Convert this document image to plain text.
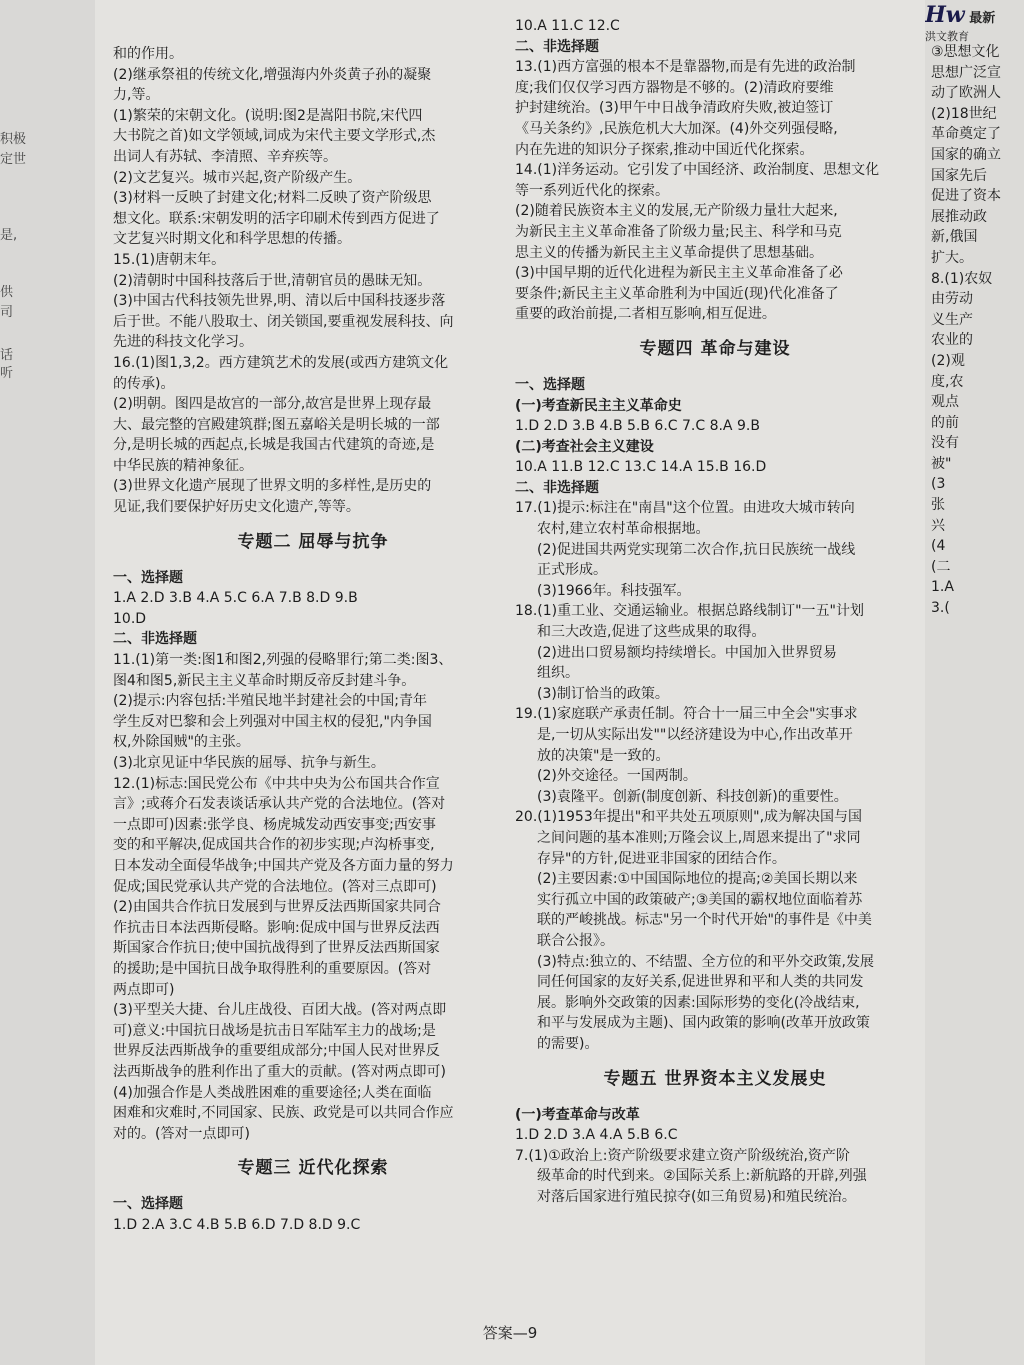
积极
定世
是,
供
司
话
听
和的作用。
(2)继承祭祖的传统文化,增强海内外炎黄子孙的凝聚
力,等。
(1)繁荣的宋朝文化。(说明:图2是嵩阳书院,宋代四
大书院之首)如文学领域,词成为宋代主要文学形式,杰
出词人有苏轼、李清照、辛弃疾等。
(2)文艺复兴。城市兴起,资产阶级产生。
(3)材料一反映了封建文化;材料二反映了资产阶级思
想文化。联系:宋朝发明的活字印刷术传到西方促进了
文艺复兴时期文化和科学思想的传播。
15.(1)唐朝末年。
(2)清朝时中国科技落后于世,清朝官员的愚昧无知。
(3)中国古代科技领先世界,明、清以后中国科技逐步落
后于世。不能八股取士、闭关锁国,要重视发展科技、向
先进的科技文化学习。
16.(1)图1,3,2。西方建筑艺术的发展(或西方建筑文化
的传承)。
(2)明朝。图四是故宫的一部分,故宫是世界上现存最
大、最完整的宫殿建筑群;图五嘉峪关是明长城的一部
分,是明长城的西起点,长城是我国古代建筑的奇迹,是
中华民族的精神象征。
(3)世界文化遗产展现了世界文明的多样性,是历史的
见证,我们要保护好历史文化遗产,等等。
专题二 屈辱与抗争
一、选择题
1.A 2.D 3.B 4.A 5.C 6.A 7.B 8.D 9.B
10.D
二、非选择题
11.(1)第一类:图1和图2,列强的侵略罪行;第二类:图3、
图4和图5,新民主主义革命时期反帝反封建斗争。
(2)提示:内容包括:半殖民地半封建社会的中国;青年
学生反对巴黎和会上列强对中国主权的侵犯,"内争国
权,外除国贼"的主张。
(3)北京见证中华民族的屈辱、抗争与新生。
12.(1)标志:国民党公布《中共中央为公布国共合作宣
言》;或蒋介石发表谈话承认共产党的合法地位。(答对
一点即可)因素:张学良、杨虎城发动西安事变;西安事
变的和平解决,促成国共合作的初步实现;卢沟桥事变,
日本发动全面侵华战争;中国共产党及各方面力量的努力
促成;国民党承认共产党的合法地位。(答对三点即可)
(2)由国共合作抗日发展到与世界反法西斯国家共同合
作抗击日本法西斯侵略。影响:促成中国与世界反法西
斯国家合作抗日;使中国抗战得到了世界反法西斯国家
的援助;是中国抗日战争取得胜利的重要原因。(答对
两点即可)
(3)平型关大捷、台儿庄战役、百团大战。(答对两点即
可)意义:中国抗日战场是抗击日军陆军主力的战场;是
世界反法西斯战争的重要组成部分;中国人民对世界反
法西斯战争的胜利作出了重大的贡献。(答对两点即可)
(4)加强合作是人类战胜困难的重要途径;人类在面临
困难和灾难时,不同国家、民族、政党是可以共同合作应
对的。(答对一点即可)
专题三 近代化探索
一、选择题
1.D 2.A 3.C 4.B 5.B 6.D 7.D 8.D 9.C
10.A 11.C 12.C
二、非选择题
13.(1)西方富强的根本不是靠器物,而是有先进的政治制
度;我们仅仅学习西方器物是不够的。(2)清政府要维
护封建统治。(3)甲午中日战争清政府失败,被迫签订
《马关条约》,民族危机大大加深。(4)外交列强侵略,
内在先进的知识分子探索,推动中国近代化探索。
14.(1)洋务运动。它引发了中国经济、政治制度、思想文化
等一系列近代化的探索。
(2)随着民族资本主义的发展,无产阶级力量壮大起来,
为新民主主义革命准备了阶级力量;民主、科学和马克
思主义的传播为新民主主义革命提供了思想基础。
(3)中国早期的近代化进程为新民主主义革命准备了必
要条件;新民主主义革命胜利为中国近(现)代化准备了
重要的政治前提,二者相互影响,相互促进。
专题四 革命与建设
一、选择题
(一)考查新民主主义革命史
1.D 2.D 3.B 4.B 5.B 6.C 7.C 8.A 9.B
(二)考查社会主义建设
10.A 11.B 12.C 13.C 14.A 15.B 16.D
二、非选择题
17.(1)提示:标注在"南昌"这个位置。由进攻大城市转向
农村,建立农村革命根据地。
(2)促进国共两党实现第二次合作,抗日民族统一战线
正式形成。
(3)1966年。科技强军。
18.(1)重工业、交通运输业。根据总路线制订"一五"计划
和三大改造,促进了这些成果的取得。
(2)进出口贸易额均持续增长。中国加入世界贸易
组织。
(3)制订恰当的政策。
19.(1)家庭联产承责任制。符合十一届三中全会"实事求
是,一切从实际出发""以经济建设为中心,作出改革开
放的决策"是一致的。
(2)外交途径。一国两制。
(3)袁隆平。创新(制度创新、科技创新)的重要性。
20.(1)1953年提出"和平共处五项原则",成为解决国与国
之间问题的基本准则;万隆会议上,周恩来提出了"求同
存异"的方针,促进亚非国家的团结合作。
(2)主要因素:①中国国际地位的提高;②美国长期以来
实行孤立中国的政策破产;③美国的霸权地位面临着苏
联的严峻挑战。标志"另一个时代开始"的事件是《中美
联合公报》。
(3)特点:独立的、不结盟、全方位的和平外交政策,发展
同任何国家的友好关系,促进世界和平和人类的共同发
展。影响外交政策的因素:国际形势的变化(冷战结束,
和平与发展成为主题)、国内政策的影响(改革开放政策
的需要)。
专题五 世界资本主义发展史
(一)考查革命与改革
1.D 2.D 3.A 4.A 5.B 6.C
7.(1)①政治上:资产阶级要求建立资产阶级统治,资产阶
级革命的时代到来。②国际关系上:新航路的开辟,列强
对落后国家进行殖民掠夺(如三角贸易)和殖民统治。
答案—9
Hw 最新
洪文教育
③思想文化
思想广泛宣
动了欧洲人
(2)18世纪
革命奠定了
国家的确立
国家先后
促进了资本
展推动政
新,俄国
扩大。
8.(1)农奴
由劳动
义生产
农业的
(2)观
度,农
观点
的前
没有
被"
(3
张
兴
(4
(二
1.A
3.(
